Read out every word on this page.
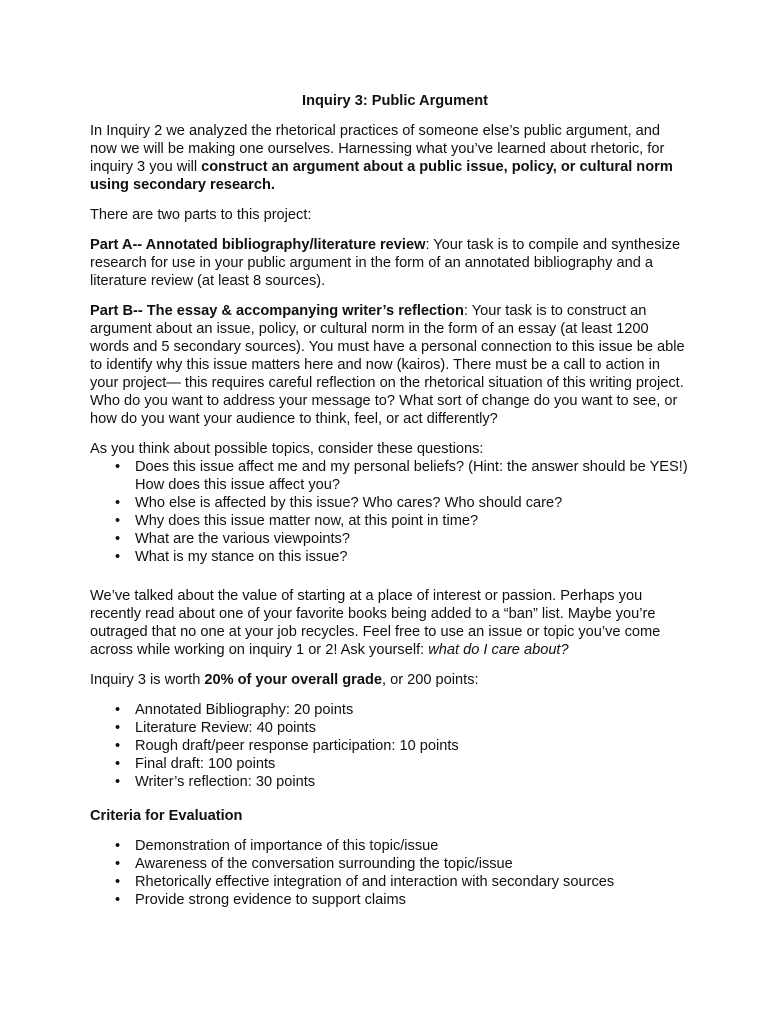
Inquiry 3: Public Argument

In Inquiry 2 we analyzed the rhetorical practices of someone else’s public argument, and now we will be making one ourselves. Harnessing what you’ve learned about rhetoric, for inquiry 3 you will construct an argument about a public issue, policy, or cultural norm using secondary research.

There are two parts to this project:

Part A-- Annotated bibliography/literature review: Your task is to compile and synthesize research for use in your public argument in the form of an annotated bibliography and a literature review (at least 8 sources).

Part B-- The essay & accompanying writer’s reflection: Your task is to construct an argument about an issue, policy, or cultural norm in the form of an essay (at least 1200 words and 5 secondary sources). You must have a personal connection to this issue be able to identify why this issue matters here and now (kairos). There must be a call to action in your project— this requires careful reflection on the rhetorical situation of this writing project. Who do you want to address your message to? What sort of change do you want to see, or how do you want your audience to think, feel, or act differently?

As you think about possible topics, consider these questions:

• Does this issue affect me and my personal beliefs? (Hint: the answer should be YES!) How does this issue affect you?
• Who else is affected by this issue? Who cares? Who should care?
• Why does this issue matter now, at this point in time?
• What are the various viewpoints?
• What is my stance on this issue?

We’ve talked about the value of starting at a place of interest or passion. Perhaps you recently read about one of your favorite books being added to a “ban” list. Maybe you’re outraged that no one at your job recycles. Feel free to use an issue or topic you’ve come across while working on inquiry 1 or 2! Ask yourself: what do I care about?

Inquiry 3 is worth 20% of your overall grade, or 200 points:

• Annotated Bibliography: 20 points
• Literature Review: 40 points
• Rough draft/peer response participation: 10 points
• Final draft: 100 points
• Writer’s reflection: 30 points

Criteria for Evaluation

• Demonstration of importance of this topic/issue
• Awareness of the conversation surrounding the topic/issue
• Rhetorically effective integration of and interaction with secondary sources
• Provide strong evidence to support claims
